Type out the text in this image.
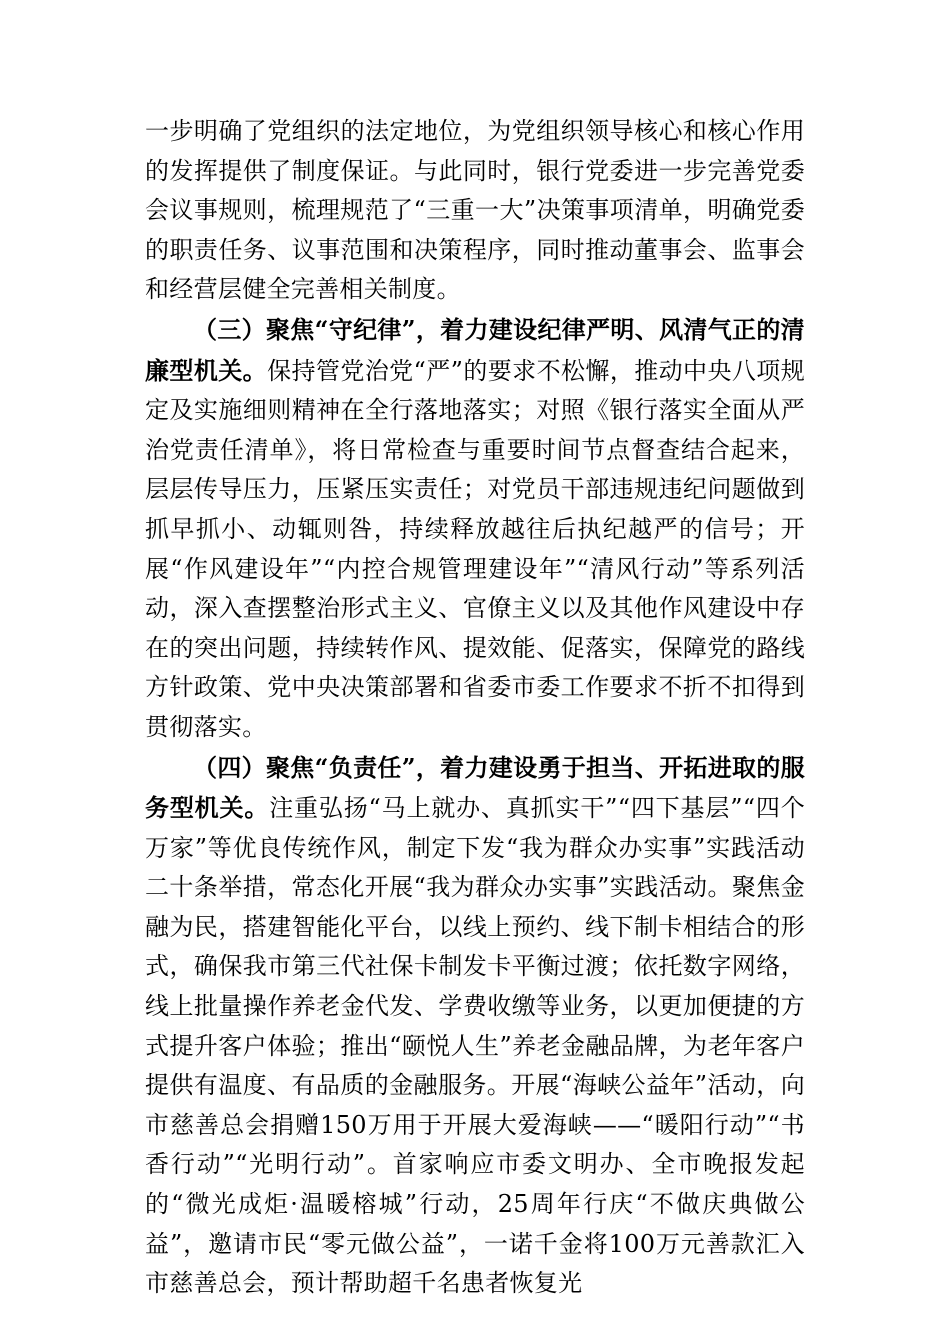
一步明确了党组织的法定地位，为党组织领导核心和核心作用的发挥提供了制度保证。与此同时，银行党委进一步完善党委会议事规则，梳理规范了“三重一大”决策事项清单，明确党委的职责任务、议事范围和决策程序，同时推动董事会、监事会和经营层健全完善相关制度。

（三）聚焦“守纪律”，着力建设纪律严明、风清气正的清廉型机关。保持管党治党“严”的要求不松懈，推动中央八项规定及实施细则精神在全行落地落实；对照《银行落实全面从严治党责任清单》，将日常检查与重要时间节点督查结合起来，层层传导压力，压紧压实责任；对党员干部违规违纪问题做到抓早抓小、动辄则咎，持续释放越往后执纪越严的信号；开展“作风建设年”“内控合规管理建设年”“清风行动”等系列活动，深入查摆整治形式主义、官僚主义以及其他作风建设中存在的突出问题，持续转作风、提效能、促落实，保障党的路线方针政策、党中央决策部署和省委市委工作要求不折不扣得到贯彻落实。

（四）聚焦“负责任”，着力建设勇于担当、开拓进取的服务型机关。注重弘扬“马上就办、真抓实干”“四下基层”“四个万家”等优良传统作风，制定下发“我为群众办实事”实践活动二十条举措，常态化开展“我为群众办实事”实践活动。聚焦金融为民，搭建智能化平台，以线上预约、线下制卡相结合的形式，确保我市第三代社保卡制发卡平衡过渡；依托数字网络，线上批量操作养老金代发、学费收缴等业务，以更加便捷的方式提升客户体验；推出“颐悦人生”养老金融品牌，为老年客户提供有温度、有品质的金融服务。开展“海峡公益年”活动，向市慈善总会捐赠150万用于开展大爱海峡——“暖阳行动”“书香行动”“光明行动”。首家响应市委文明办、全市晚报发起的“微光成炬·温暖榕城”行动，25周年行庆“不做庆典做公益”，邀请市民“零元做公益”，一诺千金将100万元善款汇入市慈善总会，预计帮助超千名患者恢复光
